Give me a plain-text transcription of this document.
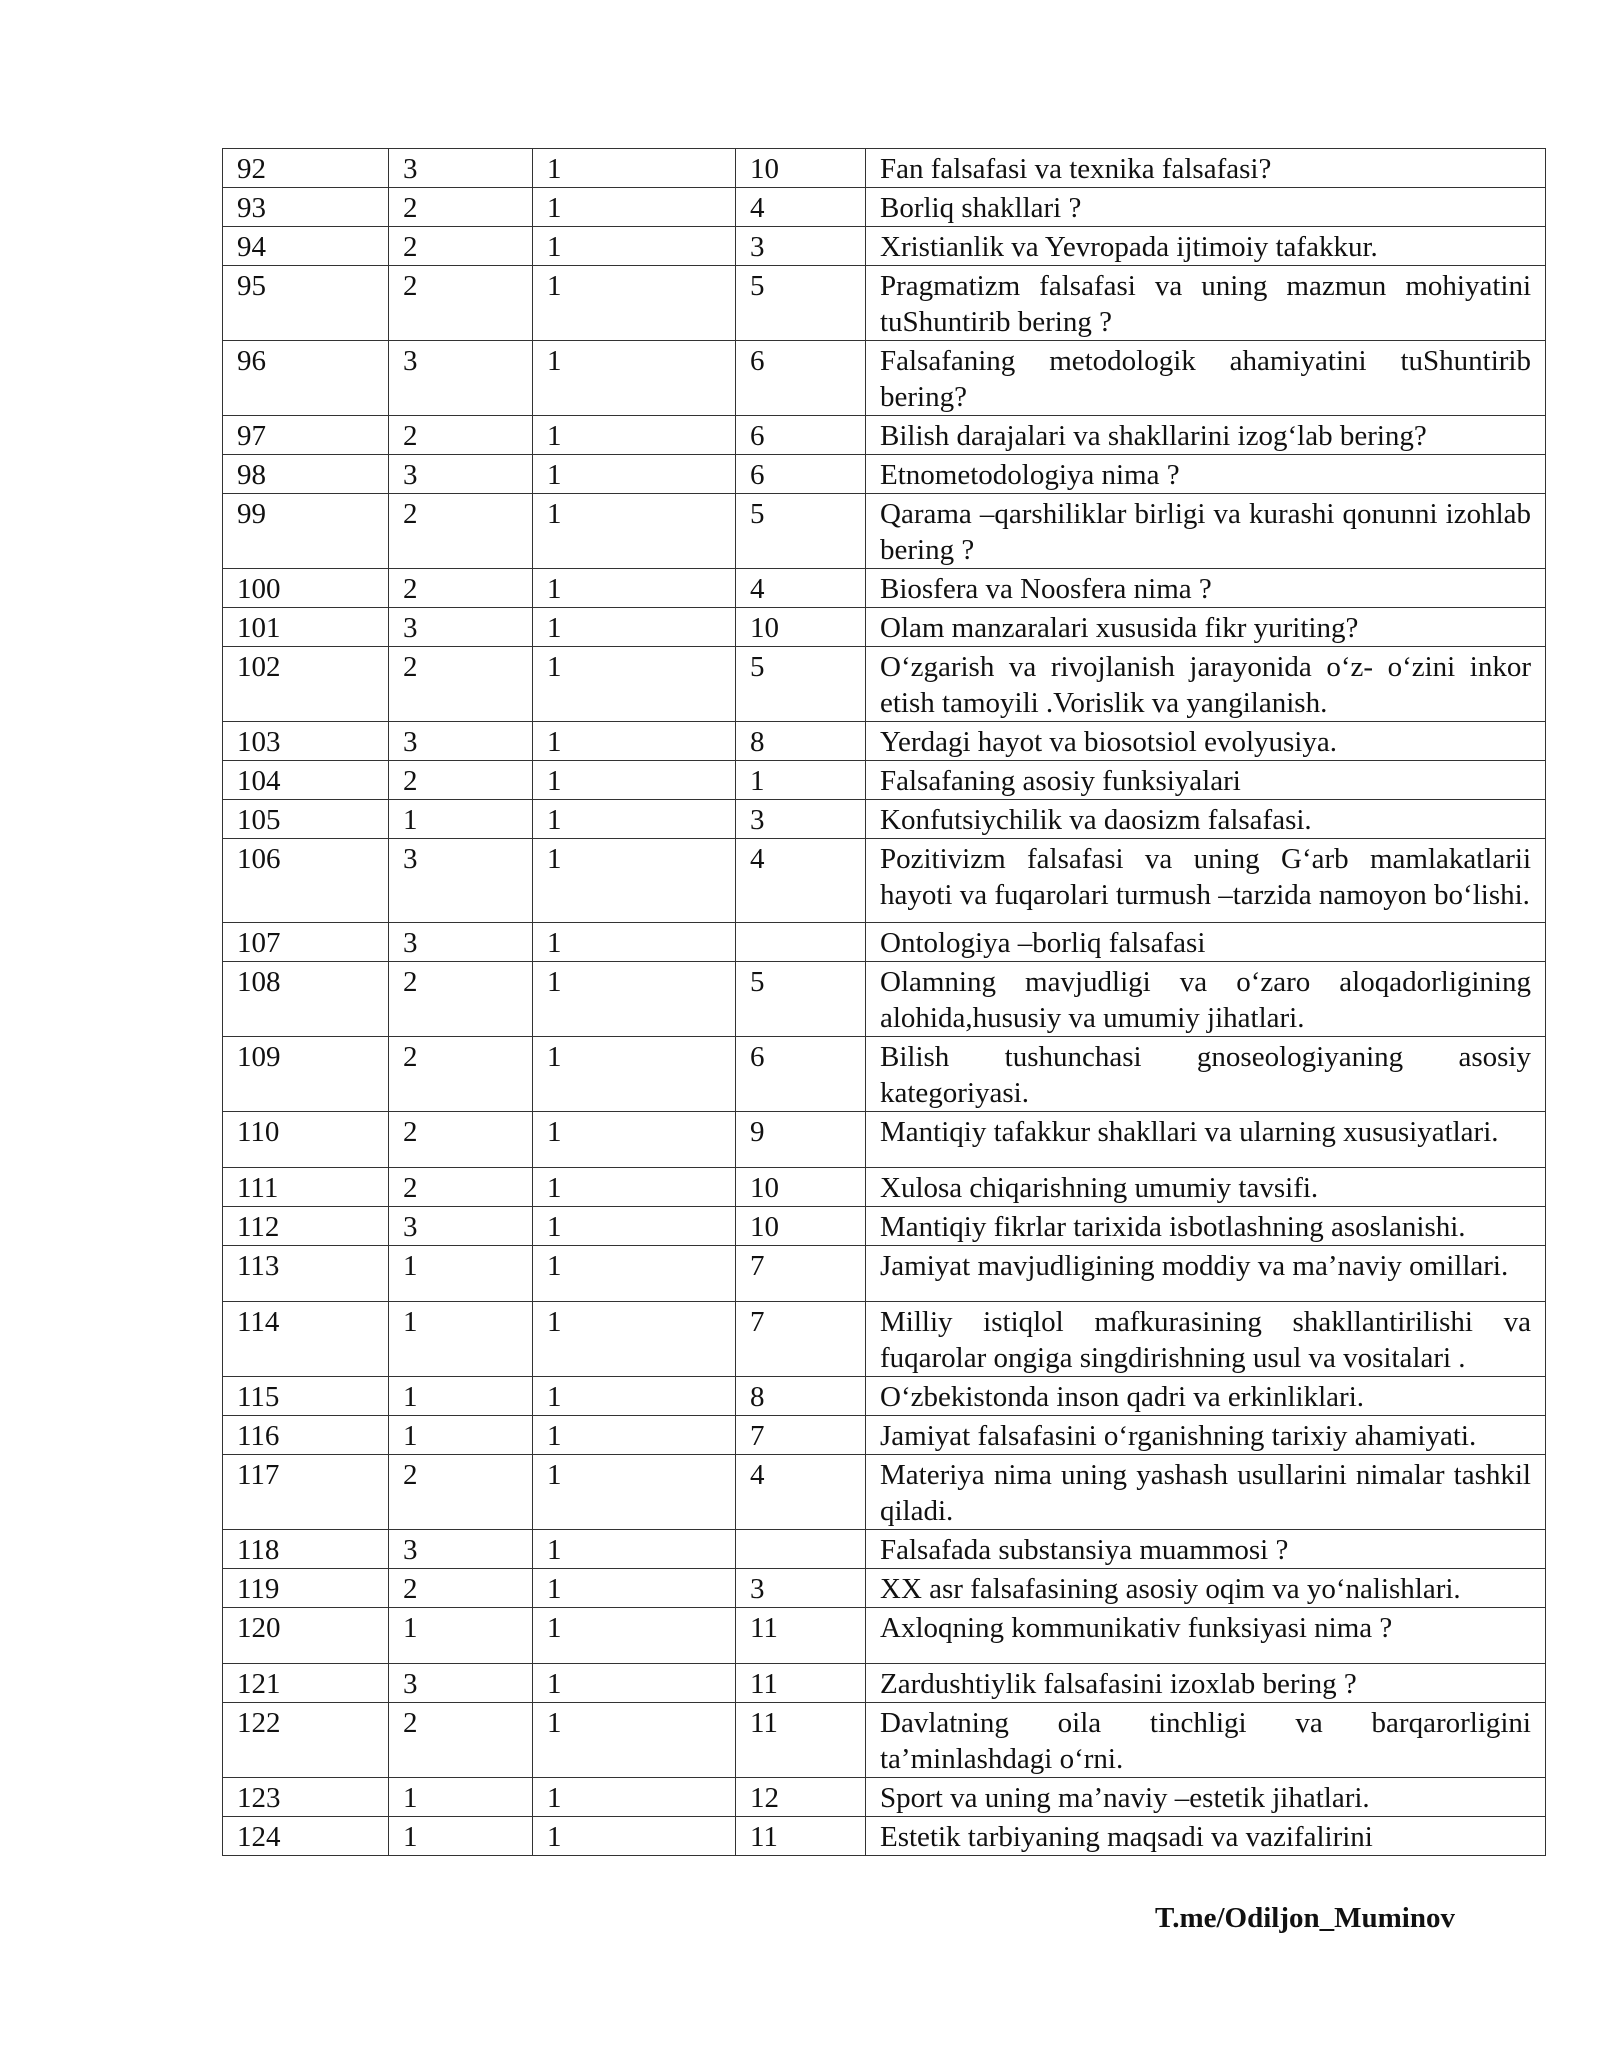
92	3	1	10	Fan falsafasi va texnika falsafasi?
93	2	1	4	Borliq shakllari ?
94	2	1	3	Xristianlik va Yevropada ijtimoiy tafakkur.
95	2	1	5	Pragmatizm falsafasi va uning mazmun mohiyatini tuShuntirib bering ?
96	3	1	6	Falsafaning metodologik ahamiyatini tuShuntirib bering?
97	2	1	6	Bilish darajalari va shakllarini izog‘lab bering?
98	3	1	6	Etnometodologiya nima ?
99	2	1	5	Qarama –qarshiliklar birligi va kurashi qonunni izohlab bering ?
100	2	1	4	Biosfera va Noosfera nima ?
101	3	1	10	Olam manzaralari xususida fikr yuriting?
102	2	1	5	O‘zgarish va rivojlanish jarayonida o‘z- o‘zini inkor etish tamoyili .Vorislik va yangilanish.
103	3	1	8	Yerdagi hayot va biosotsiol evolyusiya.
104	2	1	1	Falsafaning asosiy funksiyalari
105	1	1	3	Konfutsiychilik va daosizm falsafasi.
106	3	1	4	Pozitivizm falsafasi va uning G‘arb mamlakatlarii hayoti va fuqarolari turmush –tarzida namoyon bo‘lishi.
107	3	1		Ontologiya –borliq falsafasi
108	2	1	5	Olamning mavjudligi va o‘zaro aloqadorligining alohida,hususiy va umumiy jihatlari.
109	2	1	6	Bilish tushunchasi gnoseologiyaning asosiy kategoriyasi.
110	2	1	9	Mantiqiy tafakkur shakllari va ularning xususiyatlari.
111	2	1	10	Xulosa chiqarishning umumiy tavsifi.
112	3	1	10	Mantiqiy fikrlar tarixida isbotlashning asoslanishi.
113	1	1	7	Jamiyat mavjudligining moddiy va ma’naviy omillari.
114	1	1	7	Milliy istiqlol mafkurasining shakllantirilishi va fuqarolar ongiga singdirishning usul va vositalari .
115	1	1	8	O‘zbekistonda inson qadri va erkinliklari.
116	1	1	7	Jamiyat falsafasini o‘rganishning tarixiy ahamiyati.
117	2	1	4	Materiya nima uning yashash usullarini nimalar tashkil qiladi.
118	3	1		Falsafada substansiya muammosi ?
119	2	1	3	XX asr falsafasining asosiy oqim va yo‘nalishlari.
120	1	1	11	Axloqning kommunikativ funksiyasi nima ?
121	3	1	11	Zardushtiylik falsafasini izoxlab bering ?
122	2	1	11	Davlatning oila tinchligi va barqarorligini ta’minlashdagi o‘rni.
123	1	1	12	Sport va uning ma’naviy –estetik jihatlari.
124	1	1	11	Estetik tarbiyaning maqsadi va vazifalirini
T.me/Odiljon_Muminov
